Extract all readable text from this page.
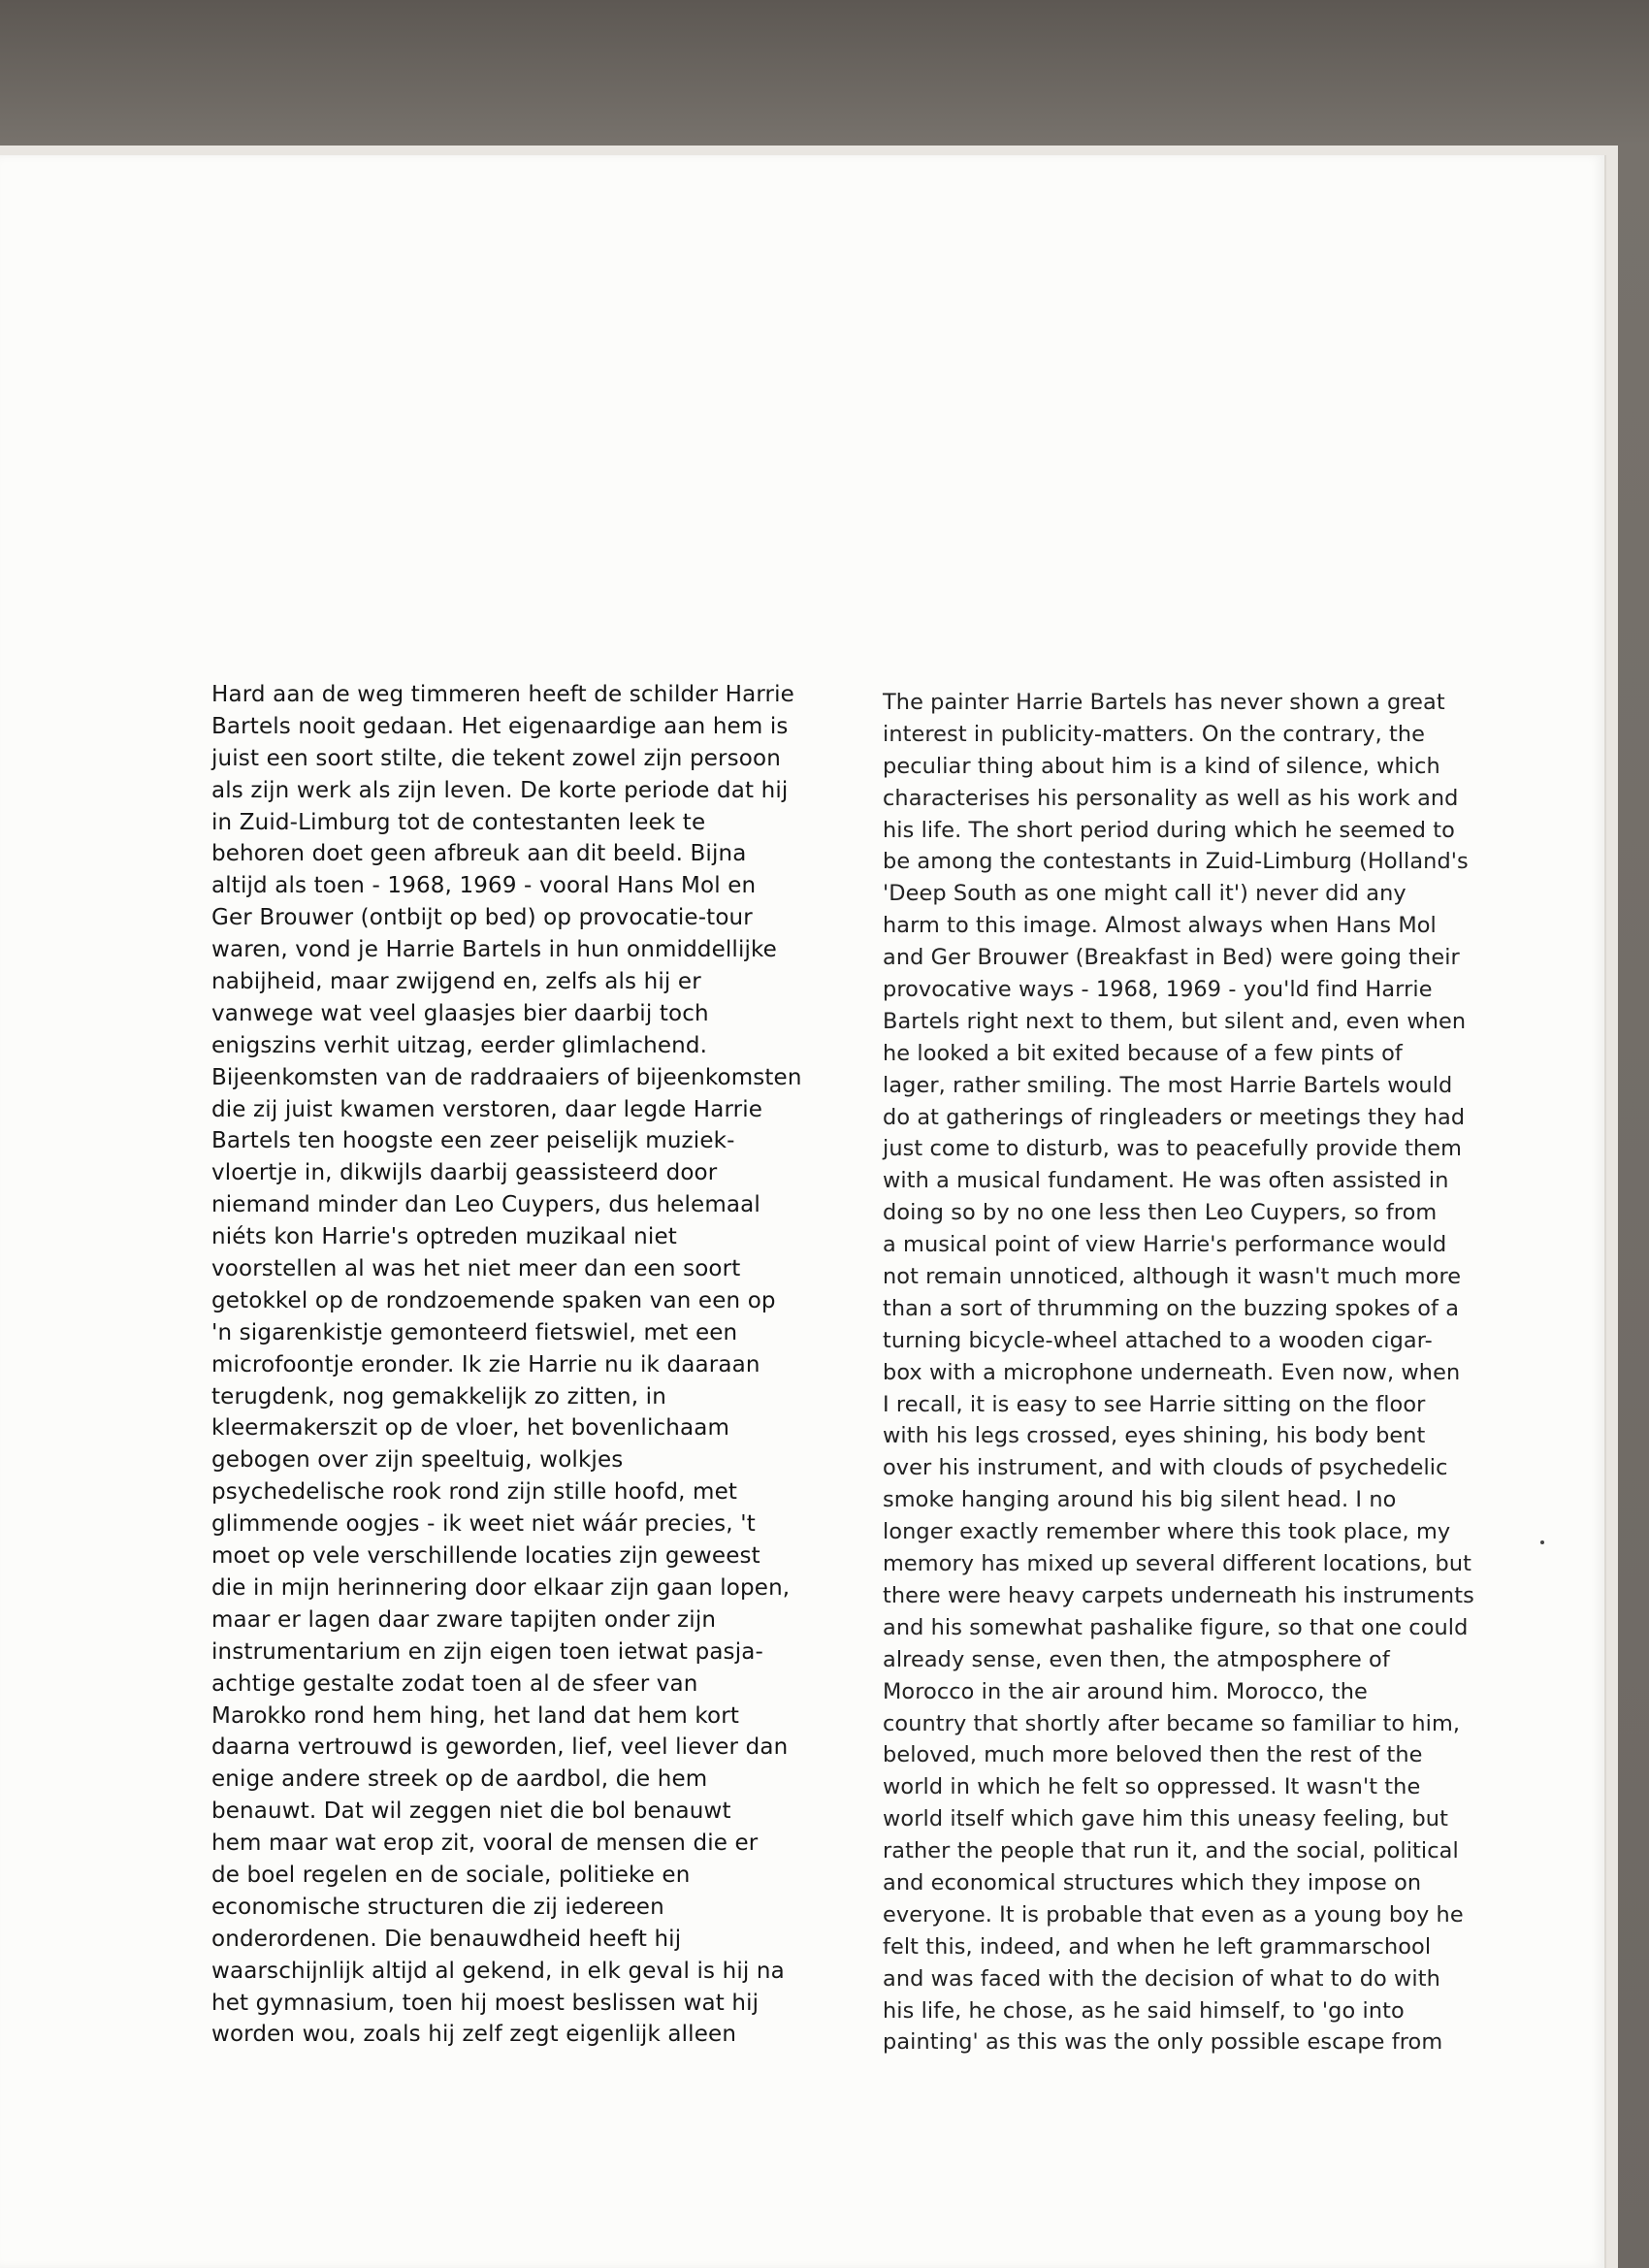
Hard aan de weg timmeren heeft de schilder Harrie
Bartels nooit gedaan. Het eigenaardige aan hem is
juist een soort stilte, die tekent zowel zijn persoon
als zijn werk als zijn leven. De korte periode dat hij
in Zuid-Limburg tot de contestanten leek te
behoren doet geen afbreuk aan dit beeld. Bijna
altijd als toen - 1968, 1969 - vooral Hans Mol en
Ger Brouwer (ontbijt op bed) op provocatie-tour
waren, vond je Harrie Bartels in hun onmiddellijke
nabijheid, maar zwijgend en, zelfs als hij er
vanwege wat veel glaasjes bier daarbij toch
enigszins verhit uitzag, eerder glimlachend.
Bijeenkomsten van de raddraaiers of bijeenkomsten
die zij juist kwamen verstoren, daar legde Harrie
Bartels ten hoogste een zeer peiselijk muziek-
vloertje in, dikwijls daarbij geassisteerd door
niemand minder dan Leo Cuypers, dus helemaal
niéts kon Harrie's optreden muzikaal niet
voorstellen al was het niet meer dan een soort
getokkel op de rondzoemende spaken van een op
'n sigarenkistje gemonteerd fietswiel, met een
microfoontje eronder. Ik zie Harrie nu ik daaraan
terugdenk, nog gemakkelijk zo zitten, in
kleermakerszit op de vloer, het bovenlichaam
gebogen over zijn speeltuig, wolkjes
psychedelische rook rond zijn stille hoofd, met
glimmende oogjes - ik weet niet wáár precies, 't
moet op vele verschillende locaties zijn geweest
die in mijn herinnering door elkaar zijn gaan lopen,
maar er lagen daar zware tapijten onder zijn
instrumentarium en zijn eigen toen ietwat pasja-
achtige gestalte zodat toen al de sfeer van
Marokko rond hem hing, het land dat hem kort
daarna vertrouwd is geworden, lief, veel liever dan
enige andere streek op de aardbol, die hem
benauwt. Dat wil zeggen niet die bol benauwt
hem maar wat erop zit, vooral de mensen die er
de boel regelen en de sociale, politieke en
economische structuren die zij iedereen
onderordenen. Die benauwdheid heeft hij
waarschijnlijk altijd al gekend, in elk geval is hij na
het gymnasium, toen hij moest beslissen wat hij
worden wou, zoals hij zelf zegt eigenlijk alleen
The painter Harrie Bartels has never shown a great
interest in publicity-matters. On the contrary, the
peculiar thing about him is a kind of silence, which
characterises his personality as well as his work and
his life. The short period during which he seemed to
be among the contestants in Zuid-Limburg (Holland's
'Deep South as one might call it') never did any
harm to this image. Almost always when Hans Mol
and Ger Brouwer (Breakfast in Bed) were going their
provocative ways - 1968, 1969 - you'ld find Harrie
Bartels right next to them, but silent and, even when
he looked a bit exited because of a few pints of
lager, rather smiling. The most Harrie Bartels would
do at gatherings of ringleaders or meetings they had
just come to disturb, was to peacefully provide them
with a musical fundament. He was often assisted in
doing so by no one less then Leo Cuypers, so from
a musical point of view Harrie's performance would
not remain unnoticed, although it wasn't much more
than a sort of thrumming on the buzzing spokes of a
turning bicycle-wheel attached to a wooden cigar-
box with a microphone underneath. Even now, when
I recall, it is easy to see Harrie sitting on the floor
with his legs crossed, eyes shining, his body bent
over his instrument, and with clouds of psychedelic
smoke hanging around his big silent head. I no
longer exactly remember where this took place, my
memory has mixed up several different locations, but
there were heavy carpets underneath his instruments
and his somewhat pashalike figure, so that one could
already sense, even then, the atmposphere of
Morocco in the air around him. Morocco, the
country that shortly after became so familiar to him,
beloved, much more beloved then the rest of the
world in which he felt so oppressed. It wasn't the
world itself which gave him this uneasy feeling, but
rather the people that run it, and the social, political
and economical structures which they impose on
everyone. It is probable that even as a young boy he
felt this, indeed, and when he left grammarschool
and was faced with the decision of what to do with
his life, he chose, as he said himself, to 'go into
painting' as this was the only possible escape from
